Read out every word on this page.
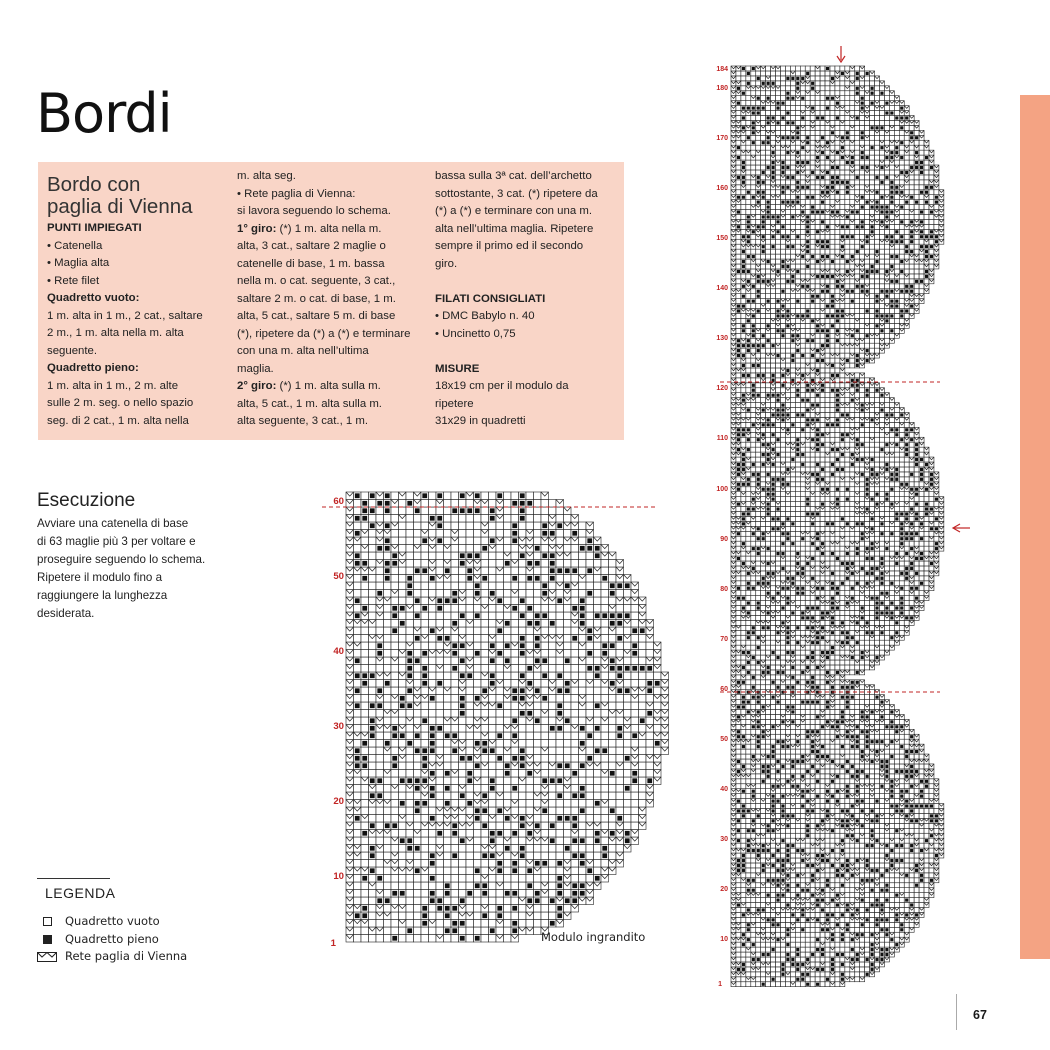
Bordi
Bordo con
paglia di Vienna
PUNTI IMPIEGATI
• Catenella
• Maglia alta
• Rete filet
Quadretto vuoto:
1 m. alta in 1 m., 2 cat., saltare
2 m., 1 m. alta nella m. alta
seguente.
Quadretto pieno:
1 m. alta in 1 m., 2 m. alte
sulle 2 m. seg. o nello spazio
seg. di 2 cat., 1 m. alta nella
m. alta seg.
• Rete paglia di Vienna:
si lavora seguendo lo schema.
1° giro: (*) 1 m. alta nella m.
alta, 3 cat., saltare 2 maglie o
catenelle di base, 1 m. bassa
nella m. o cat. seguente, 3 cat.,
saltare 2 m. o cat. di base, 1 m.
alta, 5 cat., saltare 5 m. di base
(*), ripetere da (*) a (*) e terminare
con una m. alta nell’ultima
maglia.
2° giro: (*) 1 m. alta sulla m.
alta, 5 cat., 1 m. alta sulla m.
alta seguente, 3 cat., 1 m.
bassa sulla 3ª cat. dell’archetto
sottostante, 3 cat. (*) ripetere da
(*) a (*) e terminare con una m.
alta nell’ultima maglia. Ripetere
sempre il primo ed il secondo
giro.
FILATI CONSIGLIATI
• DMC Babylo n. 40
• Uncinetto 0,75
MISURE
18x19 cm per il modulo da
ripetere
31x29 in quadretti
Esecuzione
Avviare una catenella di base
di 63 maglie più 3 per voltare e
proseguire seguendo lo schema.
Ripetere il modulo fino a
raggiungere la lunghezza
desiderata.
LEGENDA
Quadretto vuoto
Quadretto pieno
Rete paglia di Vienna
60
50
40
30
20
10
1	Modulo ingrandito
184
180
170
160
150
140
130
120
110
100
90
80
70
60
50
40
30
20
10
1
67
